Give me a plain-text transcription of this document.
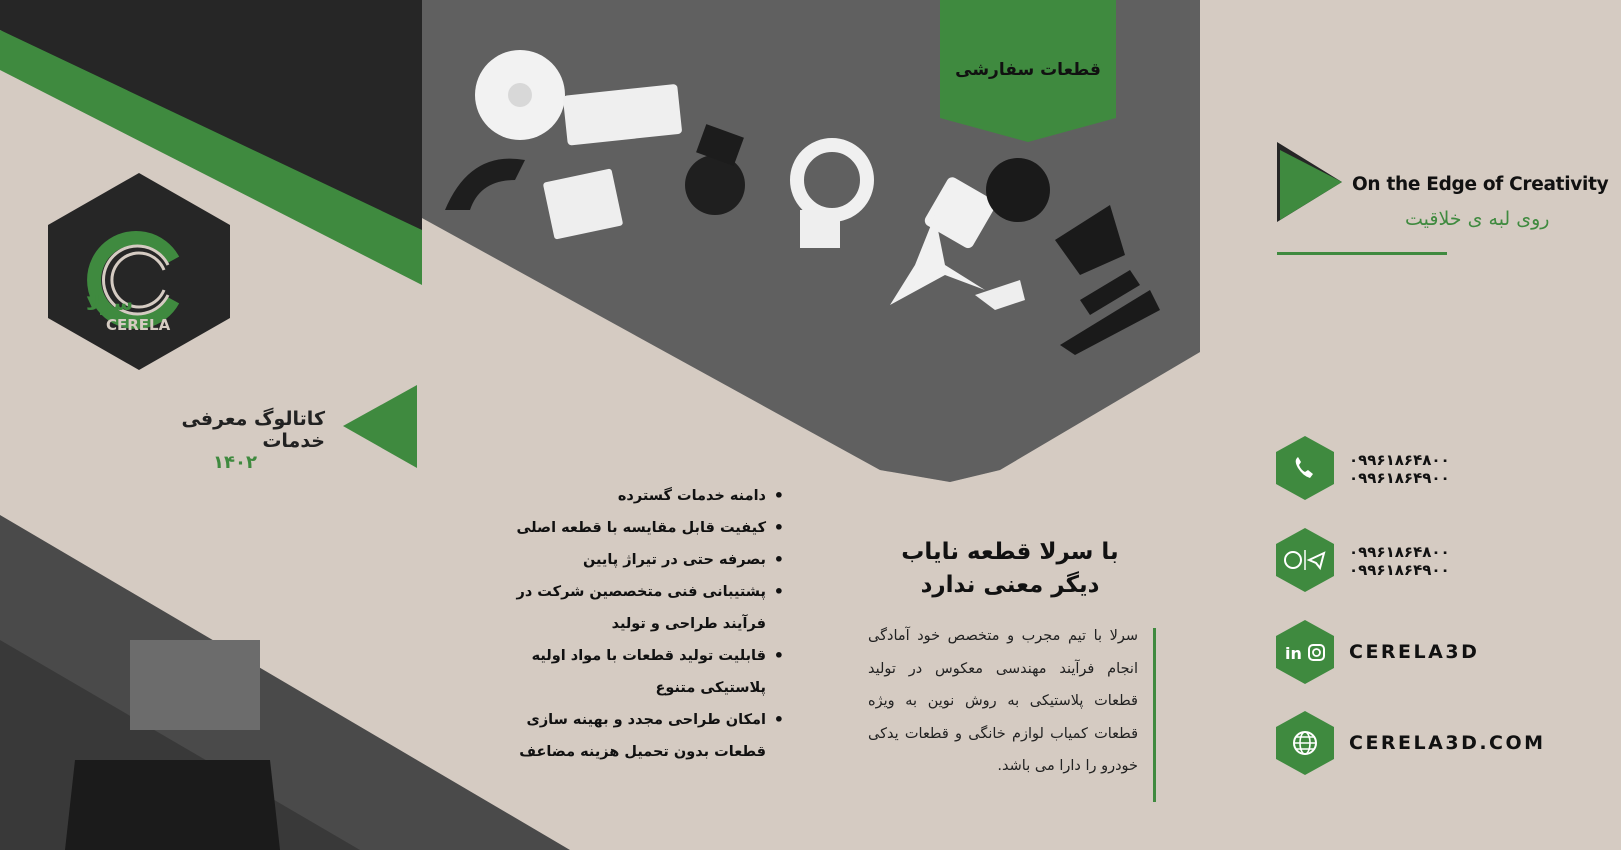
سرلا
CERELA
قطعات سفارشی
کاتالوگ معرفی خدمات
۱۴۰۲
• دامنه خدمات گسترده
• کیفیت قابل مقایسه با قطعه اصلی
• بصرفه حتی در تیراژ پایین
• پشتیبانی فنی متخصصین شرکت در فرآیند طراحی و تولید
• قابلیت تولید قطعات با مواد اولیه پلاستیکی متنوع
• امکان طراحی مجدد و بهینه سازی قطعات بدون تحمیل هزینه مضاعف
با سرلا قطعه نایاب
دیگر معنی ندارد
سرلا با تیم مجرب و متخصص خود آمادگی انجام فرآیند مهندسی معکوس در تولید قطعات پلاستیکی به روش نوین به ویژه قطعات کمیاب لوازم خانگی و قطعات یدکی خودرو را دارا می باشد.
On the Edge of Creativity
روی لبه ی خلاقیت
۰۹۹۶۱۸۶۴۸۰۰
۰۹۹۶۱۸۶۴۹۰۰
۰۹۹۶۱۸۶۴۸۰۰
۰۹۹۶۱۸۶۴۹۰۰
in CERELA3D
CERELA3D.COM
